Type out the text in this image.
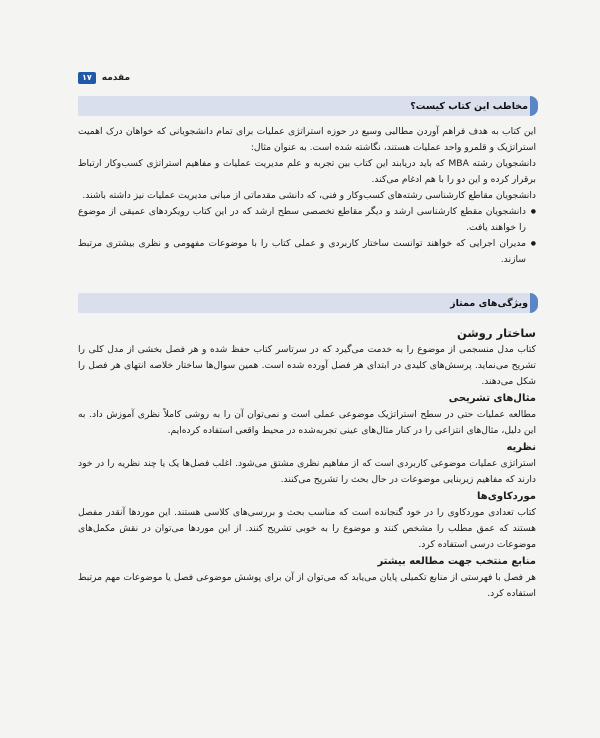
۱۷	مقدمه
مخاطب این کتاب کیست؟

این کتاب به هدف فراهم آوردن مطالبی وسیع در حوزه استراتژی عملیات برای تمام دانشجویانی که خواهان درک اهمیت استراتژیک و قلمرو واحد عملیات هستند، نگاشته شده است. به عنوان مثال:

دانشجویان رشته MBA که باید دریابند این کتاب بین تجربه و علم مدیریت عملیات و مفاهیم استراتژی کسب‌وکار ارتباط برقرار کرده و این دو را با هم ادغام می‌کند.

دانشجویان مقاطع کارشناسی رشته‌های کسب‌وکار و فنی، که دانشی مقدماتی از مبانی مدیریت عملیات نیز داشته باشند.

● دانشجویان مقطع کارشناسی ارشد و دیگر مقاطع تخصصی سطح ارشد که در این کتاب رویکردهای عمیقی از موضوع را خواهند یافت.

● مدیران اجرایی که خواهند توانست ساختار کاربردی و عملی کتاب را با موضوعات مفهومی و نظری بیشتری مرتبط سازند.

ویژگی‌های ممتاز

ساختار روشن

کتاب مدل منسجمی از موضوع را به خدمت می‌گیرد که در سرتاسر کتاب حفظ شده و هر فصل بخشی از مدل کلی را تشریح می‌نماید. پرسش‌های کلیدی در ابتدای هر فصل آورده شده است. همین سوال‌ها ساختار خلاصه انتهای هر فصل را شکل می‌دهند.

مثال‌های تشریحی

مطالعه عملیات حتی در سطح استراتژیک موضوعی عملی است و نمی‌توان آن را به روشی کاملاً نظری آموزش داد. به این دلیل، مثال‌های انتزاعی را در کنار مثال‌های عینی تجربه‌شده در محیط واقعی استفاده کرده‌ایم.

نظریه

استراتژی عملیات موضوعی کاربردی است که از مفاهیم نظری مشتق می‌شود. اغلب فصل‌ها یک یا چند نظریه را در خود دارند که مفاهیم زیربنایی موضوعات در حال بحث را تشریح می‌کنند.

موردکاوی‌ها

کتاب تعدادی موردکاوی را در خود گنجانده است که مناسب بحث و بررسی‌های کلاسی هستند. این موردها آنقدر مفصل هستند که عمق مطلب را مشخص کنند و موضوع را به خوبی تشریح کنند. از این موردها می‌توان در نقش مکمل‌های موضوعات درسی استفاده کرد.

منابع منتخب جهت مطالعه بیشتر

هر فصل با فهرستی از منابع تکمیلی پایان می‌یابد که می‌توان از آن برای پوشش موضوعی فصل یا موضوعات مهم مرتبط استفاده کرد.
